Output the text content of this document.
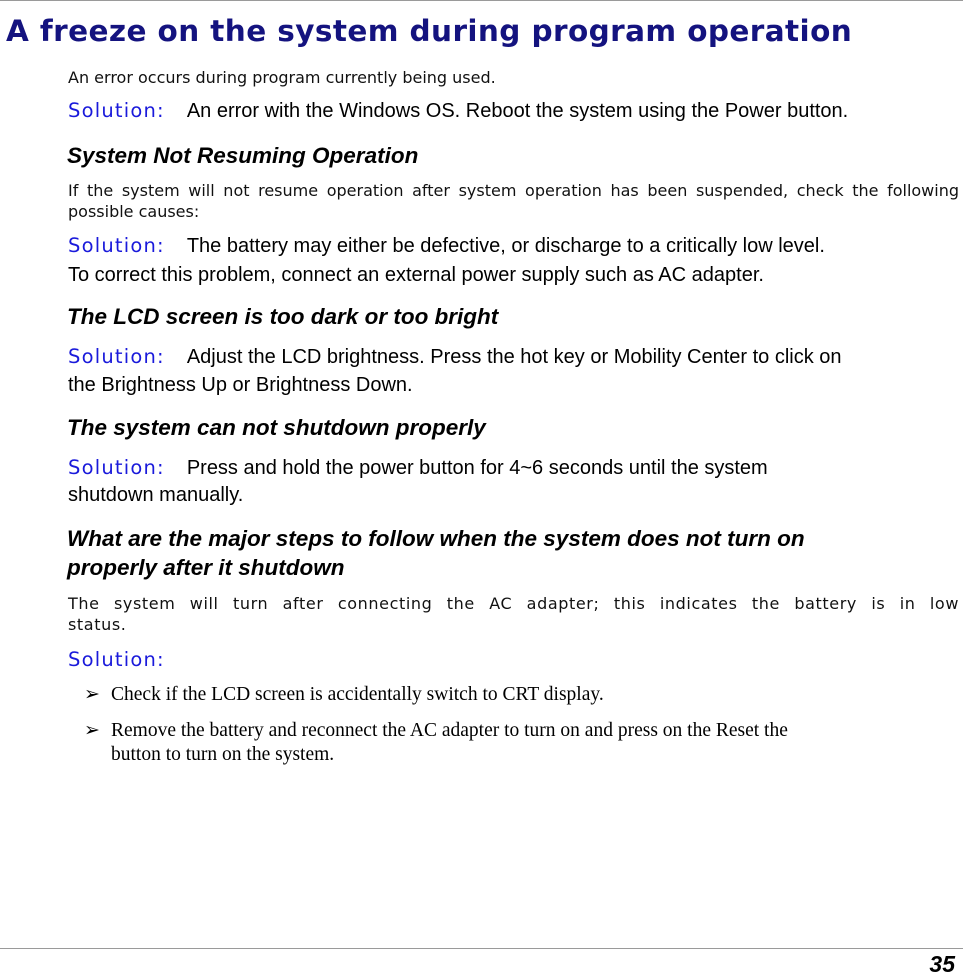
A freeze on the system during program operation

An error occurs during program currently being used.

Solution: An error with the Windows OS. Reboot the system using the Power button.

System Not Resuming Operation

If the system will not resume operation after system operation has been suspended, check the following possible causes:

Solution: The battery may either be defective, or discharge to a critically low level.

To correct this problem, connect an external power supply such as AC adapter.

The LCD screen is too dark or too bright

Solution: Adjust the LCD brightness. Press the hot key or Mobility Center to click on

the Brightness Up or Brightness Down.

The system can not shutdown properly

Solution: Press and hold the power button for 4~6 seconds until the system

shutdown manually.

What are the major steps to follow when the system does not turn on
properly after it shutdown

The system will turn after connecting the AC adapter; this indicates the battery is in low status.

Solution:

➢ Check if the LCD screen is accidentally switch to CRT display.

➢ Remove the battery and reconnect the AC adapter to turn on and press on the Reset the

button to turn on the system.

35
